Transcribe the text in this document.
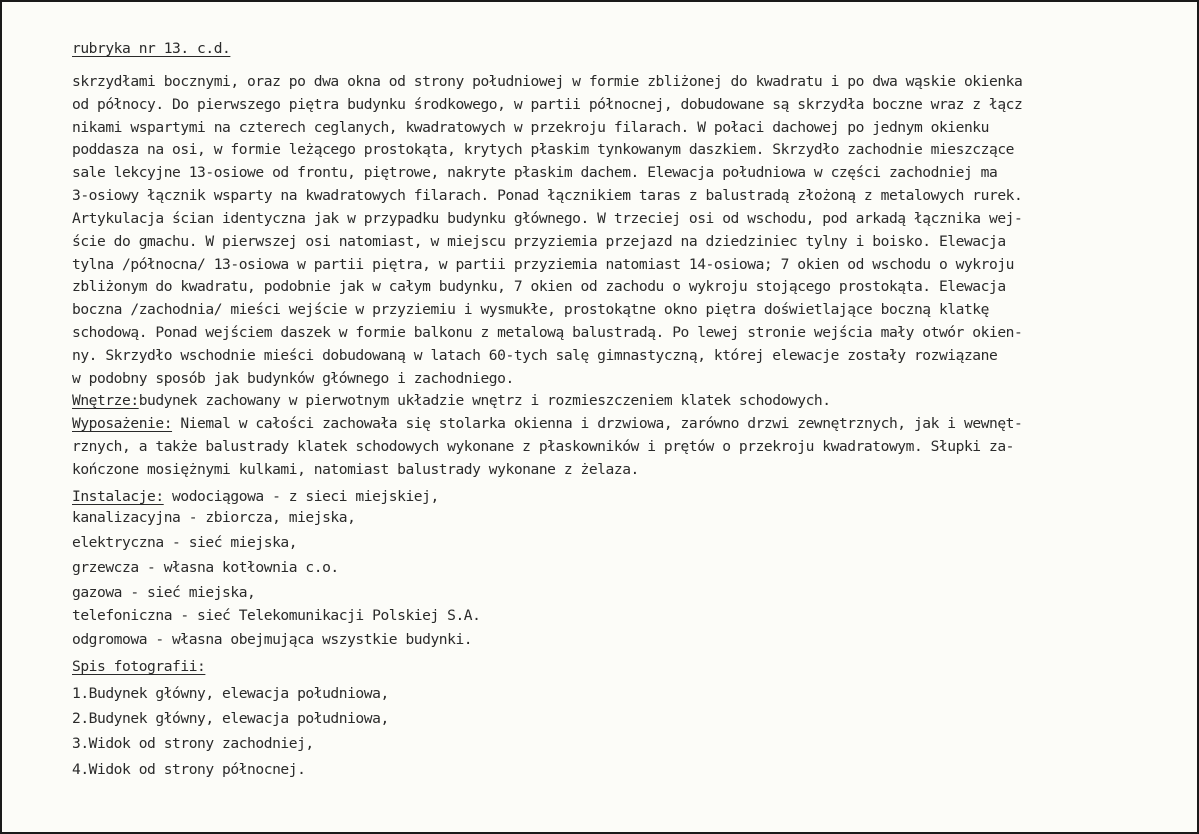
rubryka nr 13. c.d.
skrzydłami bocznymi, oraz po dwa okna od strony południowej w formie zbliżonej do kwadratu i po dwa wąskie okienka
od północy. Do pierwszego piętra budynku środkowego, w partii północnej, dobudowane są skrzydła boczne wraz z łącz
nikami wspartymi na czterech ceglanych, kwadratowych w przekroju filarach. W połaci dachowej po jednym okienku
poddasza na osi, w formie leżącego prostokąta, krytych płaskim tynkowanym daszkiem. Skrzydło zachodnie mieszczące
sale lekcyjne 13-osiowe od frontu, piętrowe, nakryte płaskim dachem. Elewacja południowa w części zachodniej ma
3-osiowy łącznik wsparty na kwadratowych filarach. Ponad łącznikiem taras z balustradą złożoną z metalowych rurek.
Artykulacja ścian identyczna jak w przypadku budynku głównego. W trzeciej osi od wschodu, pod arkadą łącznika wej-
ście do gmachu. W pierwszej osi natomiast, w miejscu przyziemia przejazd na dziedziniec tylny i boisko. Elewacja
tylna /północna/ 13-osiowa w partii piętra, w partii przyziemia natomiast 14-osiowa; 7 okien od wschodu o wykroju
zbliżonym do kwadratu, podobnie jak w całym budynku, 7 okien od zachodu o wykroju stojącego prostokąta. Elewacja
boczna /zachodnia/ mieści wejście w przyziemiu i wysmukłe, prostokątne okno piętra doświetlające boczną klatkę
schodową. Ponad wejściem daszek w formie balkonu z metalową balustradą. Po lewej stronie wejścia mały otwór okien-
ny. Skrzydło wschodnie mieści dobudowaną w latach 60-tych salę gimnastyczną, której elewacje zostały rozwiązane
w podobny sposób jak budynków głównego i zachodniego.
Wnętrze:budynek zachowany w pierwotnym układzie wnętrz i rozmieszczeniem klatek schodowych.
Wyposażenie: Niemal w całości zachowała się stolarka okienna i drzwiowa, zarówno drzwi zewnętrznych, jak i wewnęt-
rznych, a także balustrady klatek schodowych wykonane z płaskowników i prętów o przekroju kwadratowym. Słupki za-
kończone mosiężnymi kulkami, natomiast balustrady wykonane z żelaza.
Instalacje: wodociągowa - z sieci miejskiej,
kanalizacyjna - zbiorcza, miejska,
elektryczna - sieć miejska,
grzewcza - własna kotłownia c.o.
gazowa - sieć miejska,
telefoniczna - sieć Telekomunikacji Polskiej S.A.
odgromowa - własna obejmująca wszystkie budynki.
Spis fotografii:
1.Budynek główny, elewacja południowa,
2.Budynek główny, elewacja południowa,
3.Widok od strony zachodniej,
4.Widok od strony północnej.
